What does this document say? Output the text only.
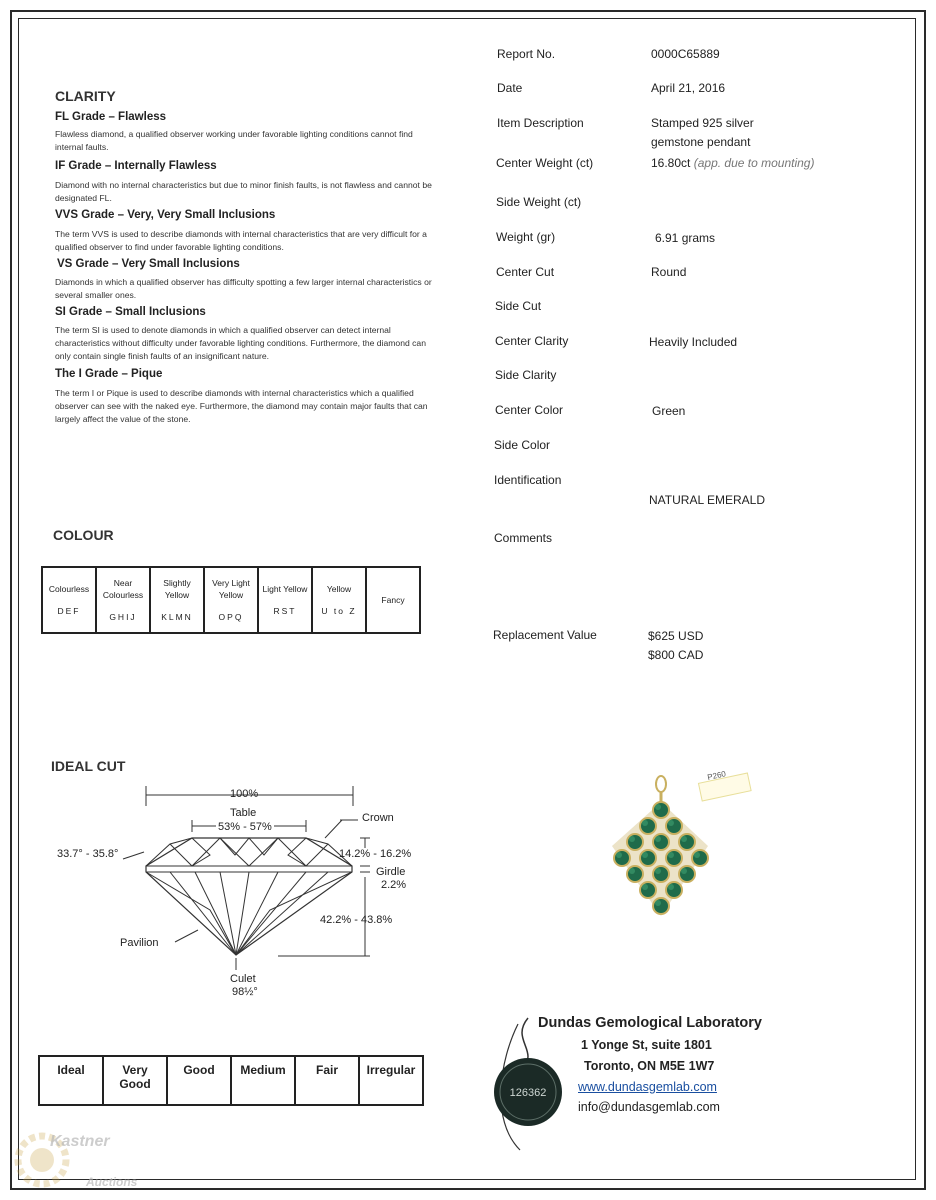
CLARITY
FL Grade – Flawless
Flawless diamond, a qualified observer working under favorable lighting conditions cannot find internal faults.
IF Grade – Internally Flawless
Diamond with no internal characteristics but due to minor finish faults, is not flawless and cannot be designated FL.
VVS Grade – Very, Very Small Inclusions
The term VVS is used to describe diamonds with internal characteristics that are very difficult for a qualified observer to find under favorable lighting conditions.
VS Grade – Very Small Inclusions
Diamonds in which a qualified observer has difficulty spotting a few larger internal characteristics or several smaller ones.
SI Grade – Small Inclusions
The term SI is used to denote diamonds in which a qualified observer can detect internal characteristics without difficulty under favorable lighting conditions. Furthermore, the diamond can only contain single finish faults of an insignificant nature.
The I Grade – Pique
The term I or Pique is used to describe diamonds with internal characteristics which a qualified observer can see with the naked eye. Furthermore, the diamond may contain major faults that can largely affect the value of the stone.
COLOUR
Colourless
DEF
	Near Colourless
GHIJ
	Slightly Yellow
KLMN
	Very Light Yellow
OPQ
	Light Yellow
RST
	Yellow
U to Z
	Fancy
IDEAL CUT
100%
Table
53% - 57%
Crown
33.7° - 35.8°	14.2% - 16.2%
Girdle
2.2%
42.2% - 43.8%
Pavilion
Culet
98½°
Ideal	Very Good	Good	Medium	Fair	Irregular
Report No.	0000C65889
Date	April 21, 2016
Item Description	Stamped 925 silver gemstone pendant
Center Weight (ct)	16.80ct (app. due to mounting)
Side Weight (ct)
Weight (gr)	6.91 grams
Center Cut	Round
Side Cut
Center Clarity	Heavily Included
Side Clarity
Center Color	Green
Side Color
Identification
NATURAL EMERALD
Comments
Replacement Value	$625 USD
$800 CAD
P260
126362
Dundas Gemological Laboratory
1 Yonge St, suite 1801
Toronto, ON M5E 1W7
www.dundasgemlab.com
info@dundasgemlab.com
Kastner
Auctions
